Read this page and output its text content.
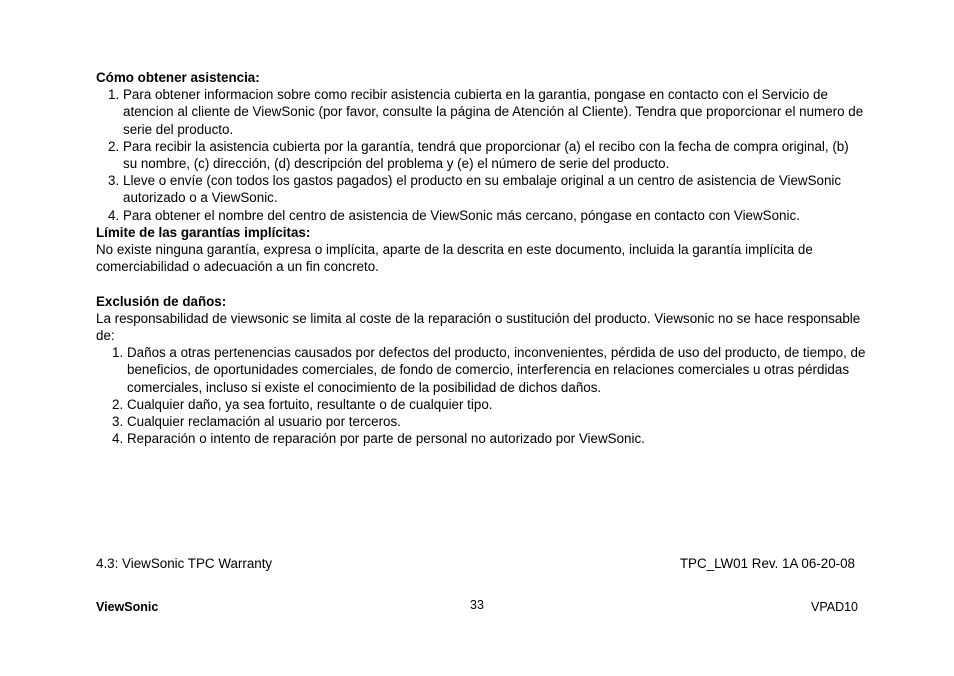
Cómo obtener asistencia:

1. Para obtener informacion sobre como recibir asistencia cubierta en la garantia, pongase en contacto con el Servicio de atencion al cliente de ViewSonic (por favor, consulte la página de Atención al Cliente). Tendra que proporcionar el numero de serie del producto.
2. Para recibir la asistencia cubierta por la garantía, tendrá que proporcionar (a) el recibo con la fecha de compra original, (b) su nombre, (c) dirección, (d) descripción del problema y (e) el número de serie del producto.
3. Lleve o envíe (con todos los gastos pagados) el producto en su embalaje original a un centro de asistencia de ViewSonic autorizado o a ViewSonic.
4. Para obtener el nombre del centro de asistencia de ViewSonic más cercano, póngase en contacto con ViewSonic.

Límite de las garantías implícitas:

No existe ninguna garantía, expresa o implícita, aparte de la descrita en este documento, incluida la garantía implícita de comerciabilidad o adecuación a un fin concreto.

Exclusión de daños:

La responsabilidad de viewsonic se limita al coste de la reparación o sustitución del producto. Viewsonic no se hace responsable de:

1. Daños a otras pertenencias causados por defectos del producto, inconvenientes, pérdida de uso del producto, de tiempo, de beneficios, de oportunidades comerciales, de fondo de comercio, interferencia en relaciones comerciales u otras pérdidas comerciales, incluso si existe el conocimiento de la posibilidad de dichos daños.
2. Cualquier daño, ya sea fortuito, resultante o de cualquier tipo.
3. Cualquier reclamación al usuario por terceros.
4. Reparación o intento de reparación por parte de personal no autorizado por ViewSonic.
4.3: ViewSonic TPC Warranty	TPC_LW01 Rev. 1A 06-20-08
ViewSonic	33	VPAD10
